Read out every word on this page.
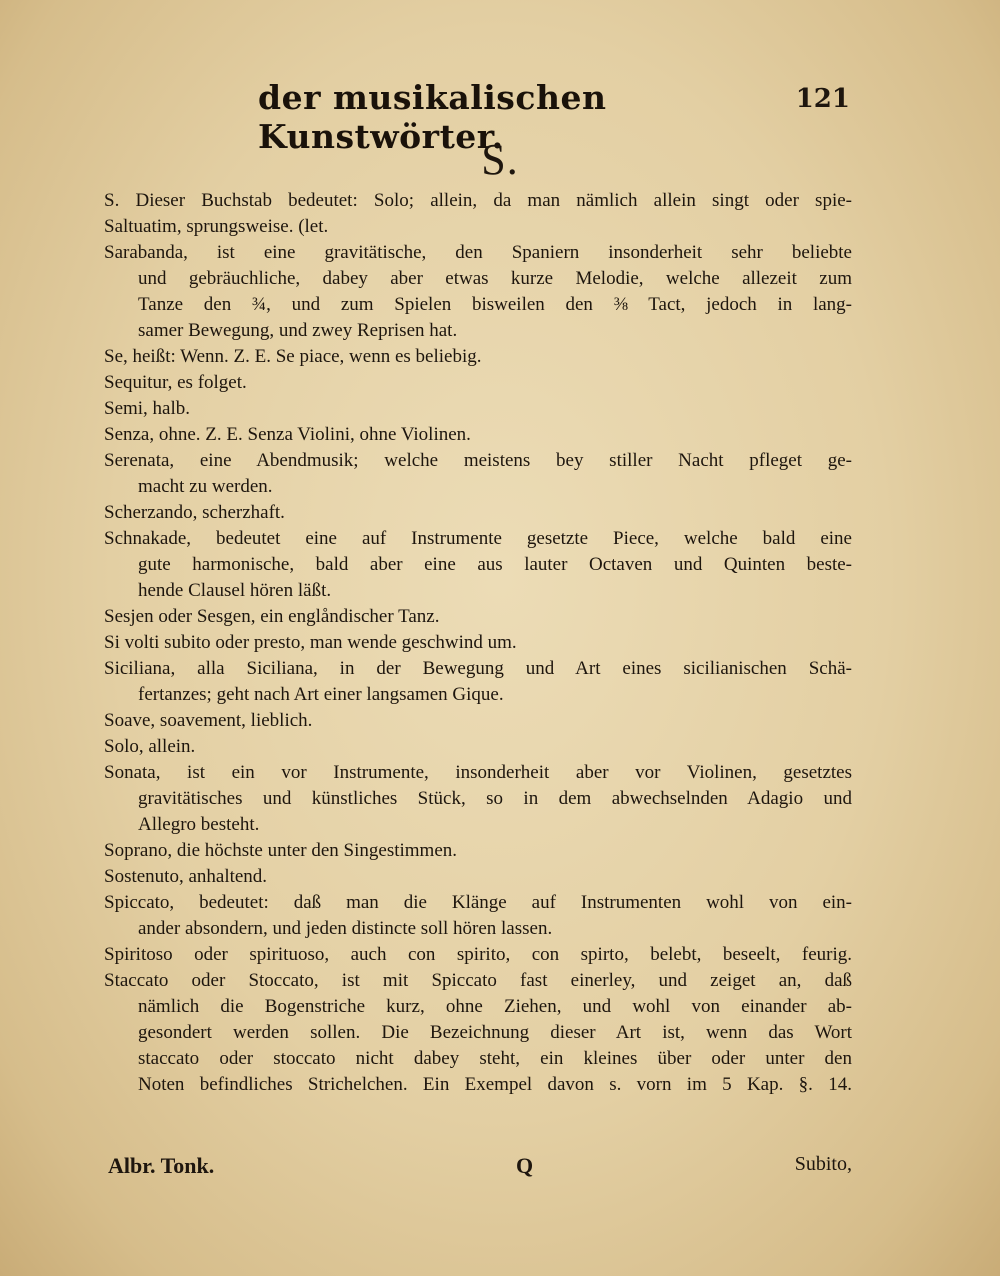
der musikalischen Kunstwörter.
121
S.
S. Dieser Buchstab bedeutet: Solo; allein, da man nämlich allein singt oder spie-
Saltuatim, sprungsweise. (let.
Sarabanda, ist eine gravitätische, den Spaniern insonderheit sehr beliebte
und gebräuchliche, dabey aber etwas kurze Melodie, welche allezeit zum
Tanze den ¾, und zum Spielen bisweilen den ⅜ Tact, jedoch in lang-
samer Bewegung, und zwey Reprisen hat.
Se, heißt: Wenn. Z. E. Se piace, wenn es beliebig.
Sequitur, es folget.
Semi, halb.
Senza, ohne. Z. E. Senza Violini, ohne Violinen.
Serenata, eine Abendmusik; welche meistens bey stiller Nacht pfleget ge-
macht zu werden.
Scherzando, scherzhaft.
Schnakade, bedeutet eine auf Instrumente gesetzte Piece, welche bald eine
gute harmonische, bald aber eine aus lauter Octaven und Quinten beste-
hende Clausel hören läßt.
Sesjen oder Sesgen, ein englåndischer Tanz.
Si volti subito oder presto, man wende geschwind um.
Siciliana, alla Siciliana, in der Bewegung und Art eines sicilianischen Schä-
fertanzes; geht nach Art einer langsamen Gique.
Soave, soavement, lieblich.
Solo, allein.
Sonata, ist ein vor Instrumente, insonderheit aber vor Violinen, gesetztes
gravitätisches und künstliches Stück, so in dem abwechselnden Adagio und
Allegro besteht.
Soprano, die höchste unter den Singestimmen.
Sostenuto, anhaltend.
Spiccato, bedeutet: daß man die Klänge auf Instrumenten wohl von ein-
ander absondern, und jeden distincte soll hören lassen.
Spiritoso oder spirituoso, auch con spirito, con spirto, belebt, beseelt, feurig.
Staccato oder Stoccato, ist mit Spiccato fast einerley, und zeiget an, daß
nämlich die Bogenstriche kurz, ohne Ziehen, und wohl von einander ab-
gesondert werden sollen. Die Bezeichnung dieser Art ist, wenn das Wort
staccato oder stoccato nicht dabey steht, ein kleines über oder unter den
Noten befindliches Strichelchen. Ein Exempel davon s. vorn im 5 Kap. §. 14.
Albr. Tonk.	Q	Subito,
